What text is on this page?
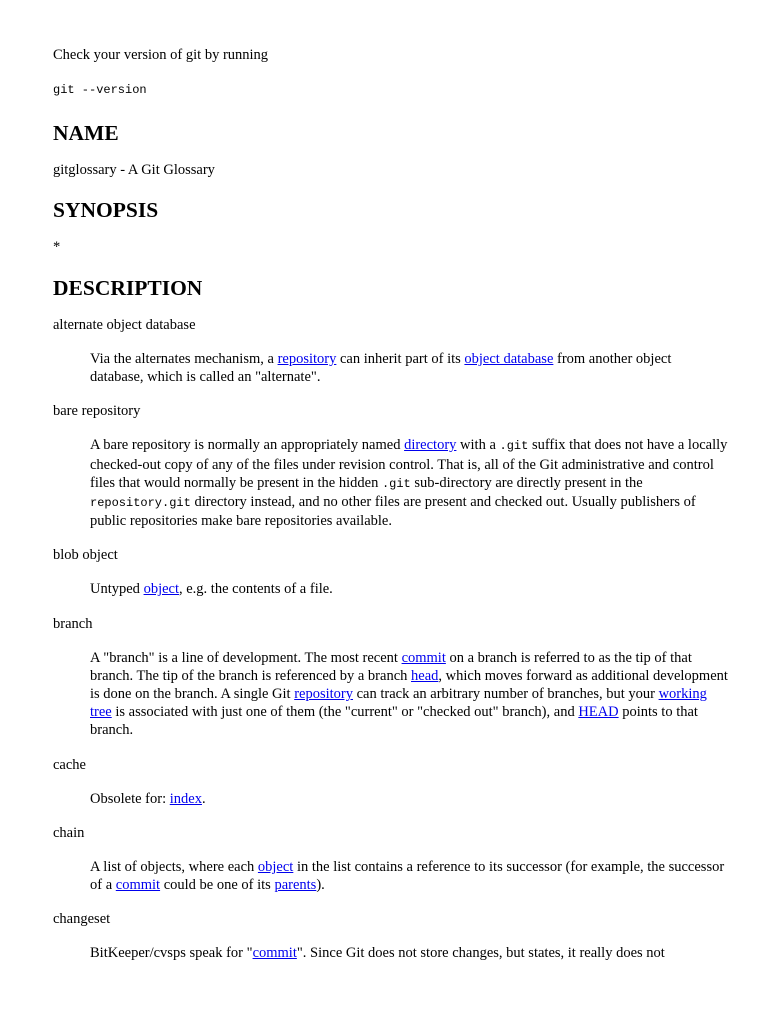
Check your version of git by running

git --version
NAME

gitglossary - A Git Glossary

SYNOPSIS

*

DESCRIPTION
alternate object database
Via the alternates mechanism, a repository can inherit part of its object database from another object database, which is called an "alternate".
bare repository
A bare repository is normally an appropriately named directory with a .git suffix that does not have a locally checked-out copy of any of the files under revision control. That is, all of the Git administrative and control files that would normally be present in the hidden .git sub-directory are directly present in the repository.git directory instead, and no other files are present and checked out. Usually publishers of public repositories make bare repositories available.
blob object
Untyped object, e.g. the contents of a file.
branch
A "branch" is a line of development. The most recent commit on a branch is referred to as the tip of that branch. The tip of the branch is referenced by a branch head, which moves forward as additional development is done on the branch. A single Git repository can track an arbitrary number of branches, but your working tree is associated with just one of them (the "current" or "checked out" branch), and HEAD points to that branch.
cache
Obsolete for: index.
chain
A list of objects, where each object in the list contains a reference to its successor (for example, the successor of a commit could be one of its parents).
changeset
BitKeeper/cvsps speak for "commit". Since Git does not store changes, but states, it really does not
